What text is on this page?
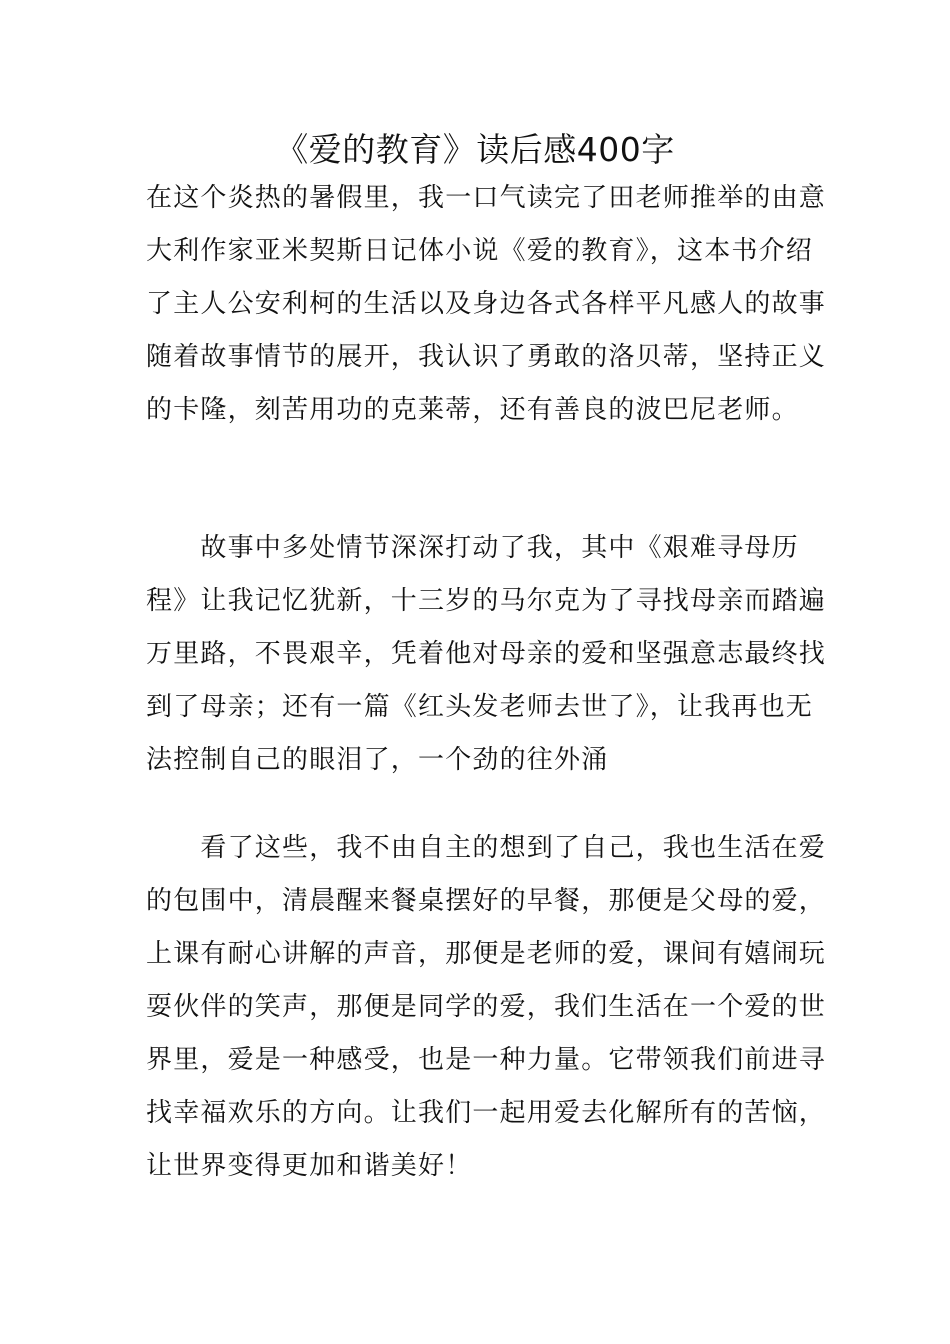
《爱的教育》读后感400字
在这个炎热的暑假里，我一口气读完了田老师推举的由意
大利作家亚米契斯日记体小说《爱的教育》，这本书介绍
了主人公安利柯的生活以及身边各式各样平凡感人的故事
随着故事情节的展开，我认识了勇敢的洛贝蒂，坚持正义
的卡隆，刻苦用功的克莱蒂，还有善良的波巴尼老师。
　　故事中多处情节深深打动了我，其中《艰难寻母历
程》让我记忆犹新，十三岁的马尔克为了寻找母亲而踏遍
万里路，不畏艰辛，凭着他对母亲的爱和坚强意志最终找
到了母亲；还有一篇《红头发老师去世了》，让我再也无
法控制自己的眼泪了，一个劲的往外涌
　　看了这些，我不由自主的想到了自己，我也生活在爱
的包围中，清晨醒来餐桌摆好的早餐，那便是父母的爱，
上课有耐心讲解的声音，那便是老师的爱，课间有嬉闹玩
耍伙伴的笑声，那便是同学的爱，我们生活在一个爱的世
界里，爱是一种感受，也是一种力量。它带领我们前进寻
找幸福欢乐的方向。让我们一起用爱去化解所有的苦恼，
让世界变得更加和谐美好！
